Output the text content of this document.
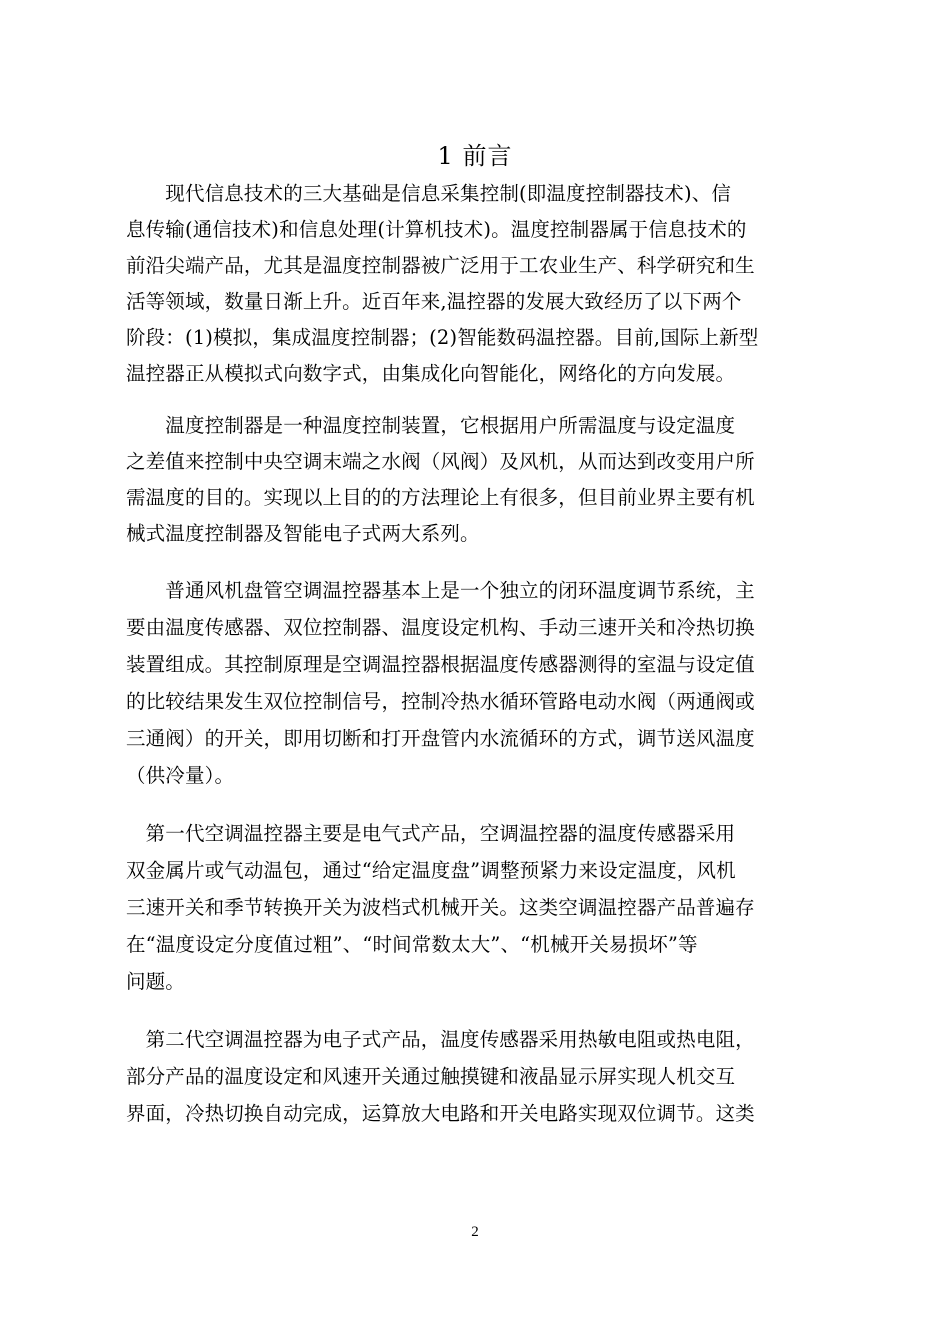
1 前言
　　现代信息技术的三大基础是信息采集控制(即温度控制器技术)、信
息传输(通信技术)和信息处理(计算机技术)。温度控制器属于信息技术的
前沿尖端产品，尤其是温度控制器被广泛用于工农业生产、科学研究和生
活等领域，数量日渐上升。近百年来,温控器的发展大致经历了以下两个
阶段：(1)模拟，集成温度控制器；(2)智能数码温控器。目前,国际上新型
温控器正从模拟式向数字式，由集成化向智能化，网络化的方向发展。
　　温度控制器是一种温度控制装置，它根据用户所需温度与设定温度
之差值来控制中央空调末端之水阀（风阀）及风机，从而达到改变用户所
需温度的目的。实现以上目的的方法理论上有很多，但目前业界主要有机
械式温度控制器及智能电子式两大系列。
　　普通风机盘管空调温控器基本上是一个独立的闭环温度调节系统，主
要由温度传感器、双位控制器、温度设定机构、手动三速开关和冷热切换
装置组成。其控制原理是空调温控器根据温度传感器测得的室温与设定值
的比较结果发生双位控制信号，控制冷热水循环管路电动水阀（两通阀或
三通阀）的开关，即用切断和打开盘管内水流循环的方式，调节送风温度
（供冷量）。
　第一代空调温控器主要是电气式产品，空调温控器的温度传感器采用
双金属片或气动温包，通过“给定温度盘”调整预紧力来设定温度，风机
三速开关和季节转换开关为波档式机械开关。这类空调温控器产品普遍存
在“温度设定分度值过粗”、“时间常数太大”、“机械开关易损坏”等
问题。
　第二代空调温控器为电子式产品，温度传感器采用热敏电阻或热电阻，
部分产品的温度设定和风速开关通过触摸键和液晶显示屏实现人机交互
界面，冷热切换自动完成，运算放大电路和开关电路实现双位调节。这类
2
